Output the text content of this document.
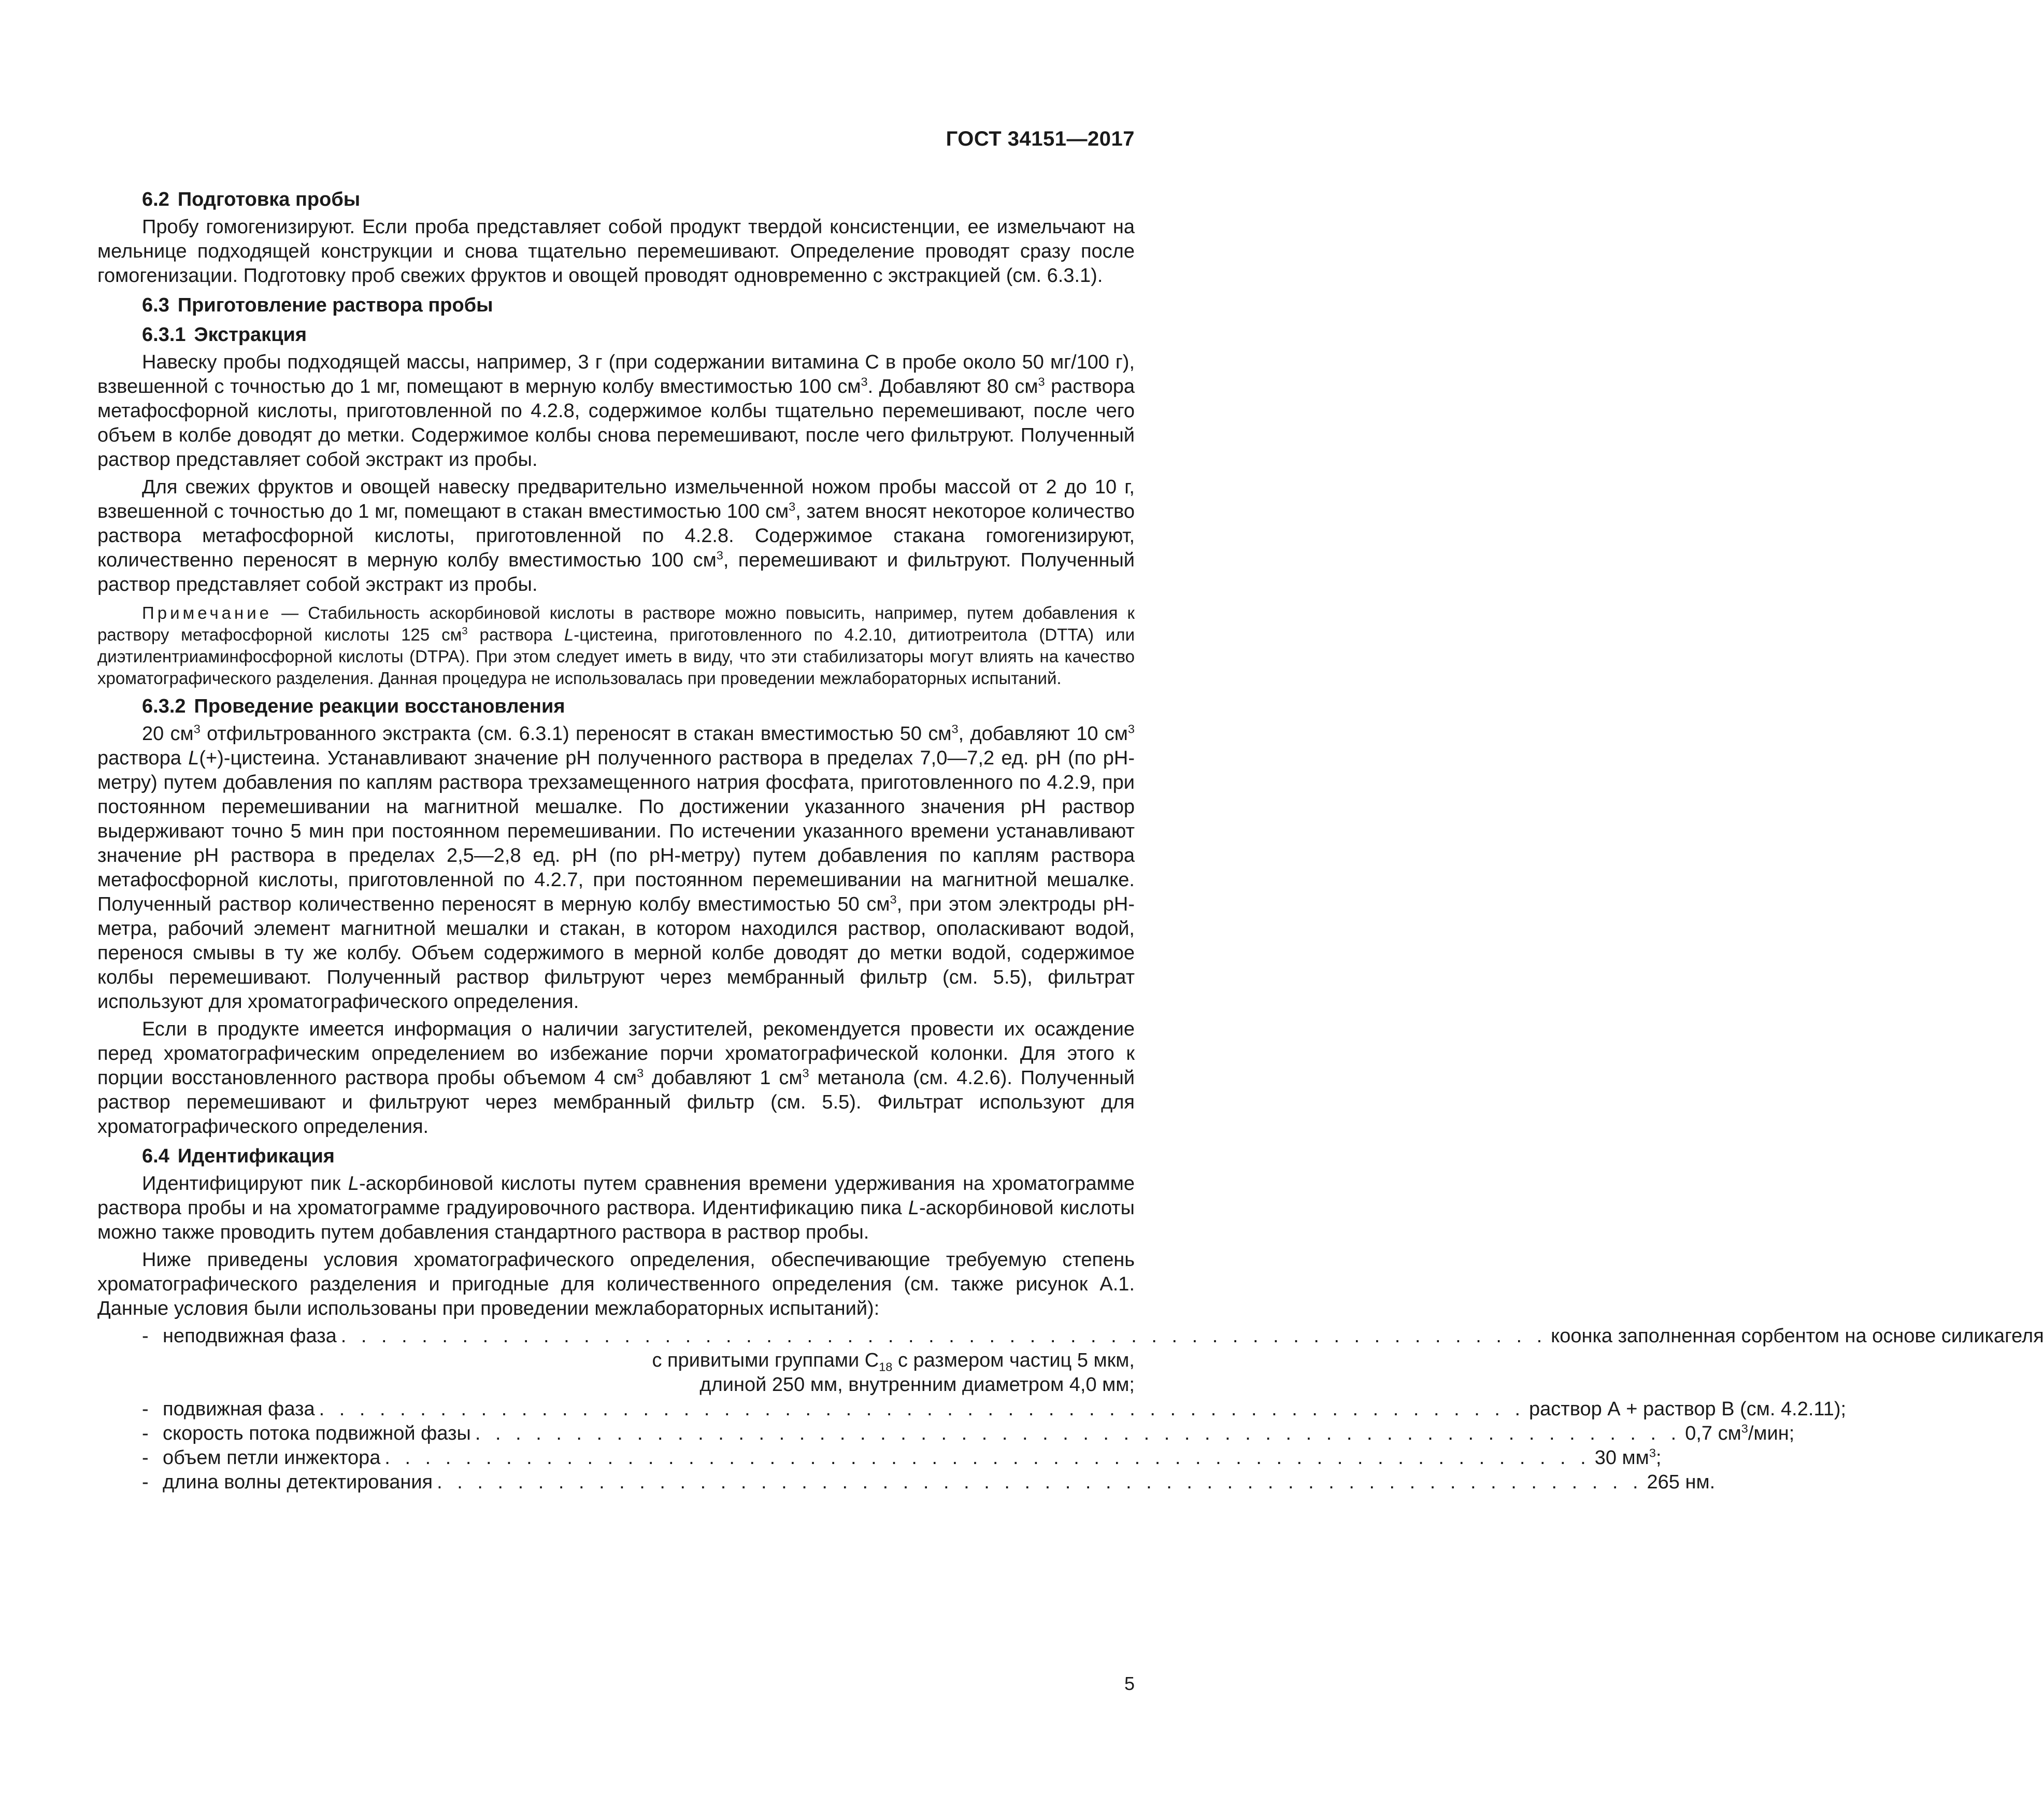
ГОСТ 34151—2017
6.2 Подготовка пробы

Пробу гомогенизируют. Если проба представляет собой продукт твердой консистенции, ее измельчают на мельнице подходящей конструкции и снова тщательно перемешивают. Определение проводят сразу после гомогенизации. Подготовку проб свежих фруктов и овощей проводят одновременно с экстракцией (см. 6.3.1).

6.3 Приготовление раствора пробы
6.3.1 Экстракция

Навеску пробы подходящей массы, например, 3 г (при содержании витамина С в пробе около 50 мг/100 г), взвешенной с точностью до 1 мг, помещают в мерную колбу вместимостью 100 $см^3$. Добавляют 80 $см^3$ раствора метафосфорной кислоты, приготовленной по 4.2.8, содержимое колбы тщательно перемешивают, после чего объем в колбе доводят до метки. Содержимое колбы снова перемешивают, после чего фильтруют. Полученный раствор представляет собой экстракт из пробы.

Для свежих фруктов и овощей навеску предварительно измельченной ножом пробы массой от 2 до 10 г, взвешенной с точностью до 1 мг, помещают в стакан вместимостью 100 $см^3$, затем вносят некоторое количество раствора метафосфорной кислоты, приготовленной по 4.2.8. Содержимое стакана гомогенизируют, количественно переносят в мерную колбу вместимостью 100 $см^3$, перемешивают и фильтруют. Полученный раствор представляет собой экстракт из пробы.

Примечание — Стабильность аскорбиновой кислоты в растворе можно повысить, например, путем добавления к раствору метафосфорной кислоты 125 $см^3$ раствора L-цистеина, приготовленного по 4.2.10, дитиотреитола (DTTA) или диэтилентриаминфосфорной кислоты (DTPA). При этом следует иметь в виду, что эти стабилизаторы могут влиять на качество хроматографического разделения. Данная процедура не использовалась при проведении межлабораторных испытаний.

6.3.2 Проведение реакции восстановления

20 $см^3$ отфильтрованного экстракта (см. 6.3.1) переносят в стакан вместимостью 50 $см^3$, добавляют 10 $см^3$ раствора L(+)-цистеина. Устанавливают значение pH полученного раствора в пределах 7,0—7,2 ед. pH (по pH-метру) путем добавления по каплям раствора трехзамещенного натрия фосфата, приготовленного по 4.2.9, при постоянном перемешивании на магнитной мешалке. По достижении указанного значения pH раствор выдерживают точно 5 мин при постоянном перемешивании. По истечении указанного времени устанавливают значение pH раствора в пределах 2,5—2,8 ед. pH (по pH-метру) путем добавления по каплям раствора метафосфорной кислоты, приготовленной по 4.2.7, при постоянном перемешивании на магнитной мешалке. Полученный раствор количественно переносят в мерную колбу вместимостью 50 $см^3$, при этом электроды pH-метра, рабочий элемент магнитной мешалки и стакан, в котором находился раствор, ополаскивают водой, перенося смывы в ту же колбу. Объем содержимого в мерной колбе доводят до метки водой, содержимое колбы перемешивают. Полученный раствор фильтруют через мембранный фильтр (см. 5.5), фильтрат используют для хроматографического определения.

Если в продукте имеется информация о наличии загустителей, рекомендуется провести их осаждение перед хроматографическим определением во избежание порчи хроматографической колонки. Для этого к порции восстановленного раствора пробы объемом 4 $см^3$ добавляют 1 $см^3$ метанола (см. 4.2.6). Полученный раствор перемешивают и фильтруют через мембранный фильтр (см. 5.5). Фильтрат используют для хроматографического определения.

6.4 Идентификация

Идентифицируют пик L-аскорбиновой кислоты путем сравнения времени удерживания на хроматограмме раствора пробы и на хроматограмме градуировочного раствора. Идентификацию пика L-аскорбиновой кислоты можно также проводить путем добавления стандартного раствора в раствор пробы.

Ниже приведены условия хроматографического определения, обеспечивающие требуемую степень хроматографического разделения и пригодные для количественного определения (см. также рисунок А.1. Данные условия были использованы при проведении межлабораторных испытаний):

- неподвижная фаза . . . . . . . . . . . . . . . . . . . . . . . . . . . . . . . . . . . . . . . . . . . . . . . . . . . . . . . . . . . . коонка заполненная сорбентом на основе силикагеля
с привитыми группами $С_{18}$ с размером частиц 5 мкм,
длиной 250 мм, внутренним диаметром 4,0 мм;
- подвижная фаза . . . . . . . . . . . . . . . . . . . . . . . . . . . . . . . . . . . . . . . . . . . . . . . . . . . . . . . . . . . . раствор А + раствор В (см. 4.2.11);
- скорость потока подвижной фазы . . . . . . . . . . . . . . . . . . . . . . . . . . . . . . . . . . . . . . . . . . . . . . . . . . . . . . . . . . . . 0,7 $см^3$/мин;
- объем петли инжектора . . . . . . . . . . . . . . . . . . . . . . . . . . . . . . . . . . . . . . . . . . . . . . . . . . . . . . . . . . . . 30 $мм^3$;
- длина волны детектирования . . . . . . . . . . . . . . . . . . . . . . . . . . . . . . . . . . . . . . . . . . . . . . . . . . . . . . . . . . . . 265 нм.
5
